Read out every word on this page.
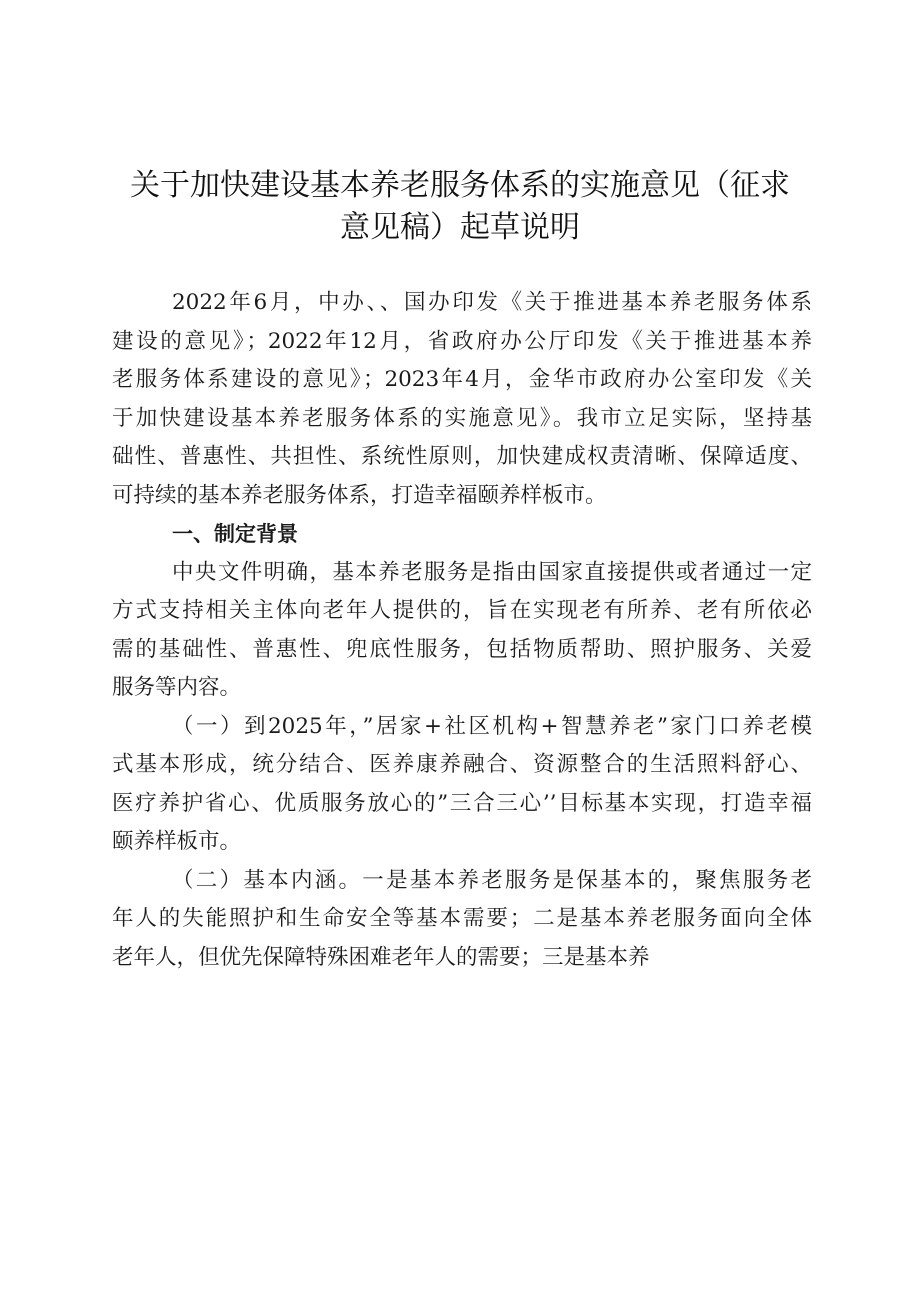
关于加快建设基本养老服务体系的实施意见（征求
意见稿）起草说明

2022年6月，中办、、国办印发《关于推进基本养老服务体系
建设的意见》；2022年12月，省政府办公厅印发《关于推进基本养
老服务体系建设的意见》；2023年4月，金华市政府办公室印发《关
于加快建设基本养老服务体系的实施意见》。我市立足实际，坚持基
础性、普惠性、共担性、系统性原则，加快建成权责清晰、保障适度、
可持续的基本养老服务体系，打造幸福颐养样板市。

一、制定背景

中央文件明确，基本养老服务是指由国家直接提供或者通过一定
方式支持相关主体向老年人提供的，旨在实现老有所养、老有所依必
需的基础性、普惠性、兜底性服务，包括物质帮助、照护服务、关爱
服务等内容。

（一）到2025年，”居家+社区机构+智慧养老”家门口养老模
式基本形成，统分结合、医养康养融合、资源整合的生活照料舒心、
医疗养护省心、优质服务放心的”三合三心’’目标基本实现，打造幸福
颐养样板市。

（二）基本内涵。一是基本养老服务是保基本的，聚焦服务老
年人的失能照护和生命安全等基本需要；二是基本养老服务面向全体
老年人，但优先保障特殊困难老年人的需要；三是基本养
